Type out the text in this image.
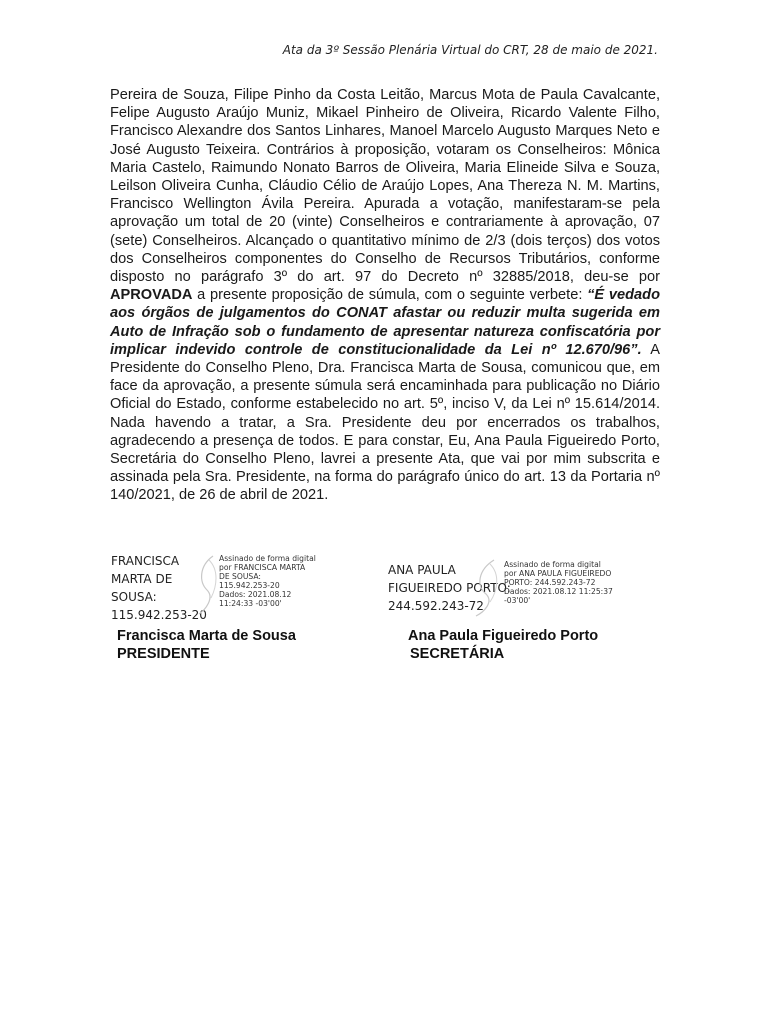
Ata da 3º Sessão Plenária Virtual do CRT, 28 de maio de 2021.
Pereira de Souza, Filipe Pinho da Costa Leitão, Marcus Mota de Paula Cavalcante, Felipe Augusto Araújo Muniz, Mikael Pinheiro de Oliveira, Ricardo Valente Filho, Francisco Alexandre dos Santos Linhares, Manoel Marcelo Augusto Marques Neto e José Augusto Teixeira. Contrários à proposição, votaram os Conselheiros: Mônica Maria Castelo, Raimundo Nonato Barros de Oliveira, Maria Elineide Silva e Souza, Leilson Oliveira Cunha, Cláudio Célio de Araújo Lopes, Ana Thereza N. M. Martins, Francisco Wellington Ávila Pereira. Apurada a votação, manifestaram-se pela aprovação um total de 20 (vinte) Conselheiros e contrariamente à aprovação, 07 (sete) Conselheiros. Alcançado o quantitativo mínimo de 2/3 (dois terços) dos votos dos Conselheiros componentes do Conselho de Recursos Tributários, conforme disposto no parágrafo 3º do art. 97 do Decreto nº 32885/2018, deu-se por APROVADA a presente proposição de súmula, com o seguinte verbete: “É vedado aos órgãos de julgamentos do CONAT afastar ou reduzir multa sugerida em Auto de Infração sob o fundamento de apresentar natureza confiscatória por implicar indevido controle de constitucionalidade da Lei nº 12.670/96”. A Presidente do Conselho Pleno, Dra. Francisca Marta de Sousa, comunicou que, em face da aprovação, a presente súmula será encaminhada para publicação no Diário Oficial do Estado, conforme estabelecido no art. 5º, inciso V, da Lei nº 15.614/2014. Nada havendo a tratar, a Sra. Presidente deu por encerrados os trabalhos, agradecendo a presença de todos. E para constar, Eu, Ana Paula Figueiredo Porto, Secretária do Conselho Pleno, lavrei a presente Ata, que vai por mim subscrita e assinada pela Sra. Presidente, na forma do parágrafo único do art. 13 da Portaria nº 140/2021, de 26 de abril de 2021.
FRANCISCA
MARTA DE
SOUSA:
115.942.253-20
Assinado de forma digital
por FRANCISCA MARTA
DE SOUSA:
115.942.253-20
Dados: 2021.08.12
11:24:33 -03'00'
Francisca Marta de Sousa
PRESIDENTE
ANA PAULA
FIGUEIREDO PORTO:
244.592.243-72
Assinado de forma digital
por ANA PAULA FIGUEIREDO
PORTO: 244.592.243-72
Dados: 2021.08.12 11:25:37
-03'00'
Ana Paula Figueiredo Porto
SECRETÁRIA
